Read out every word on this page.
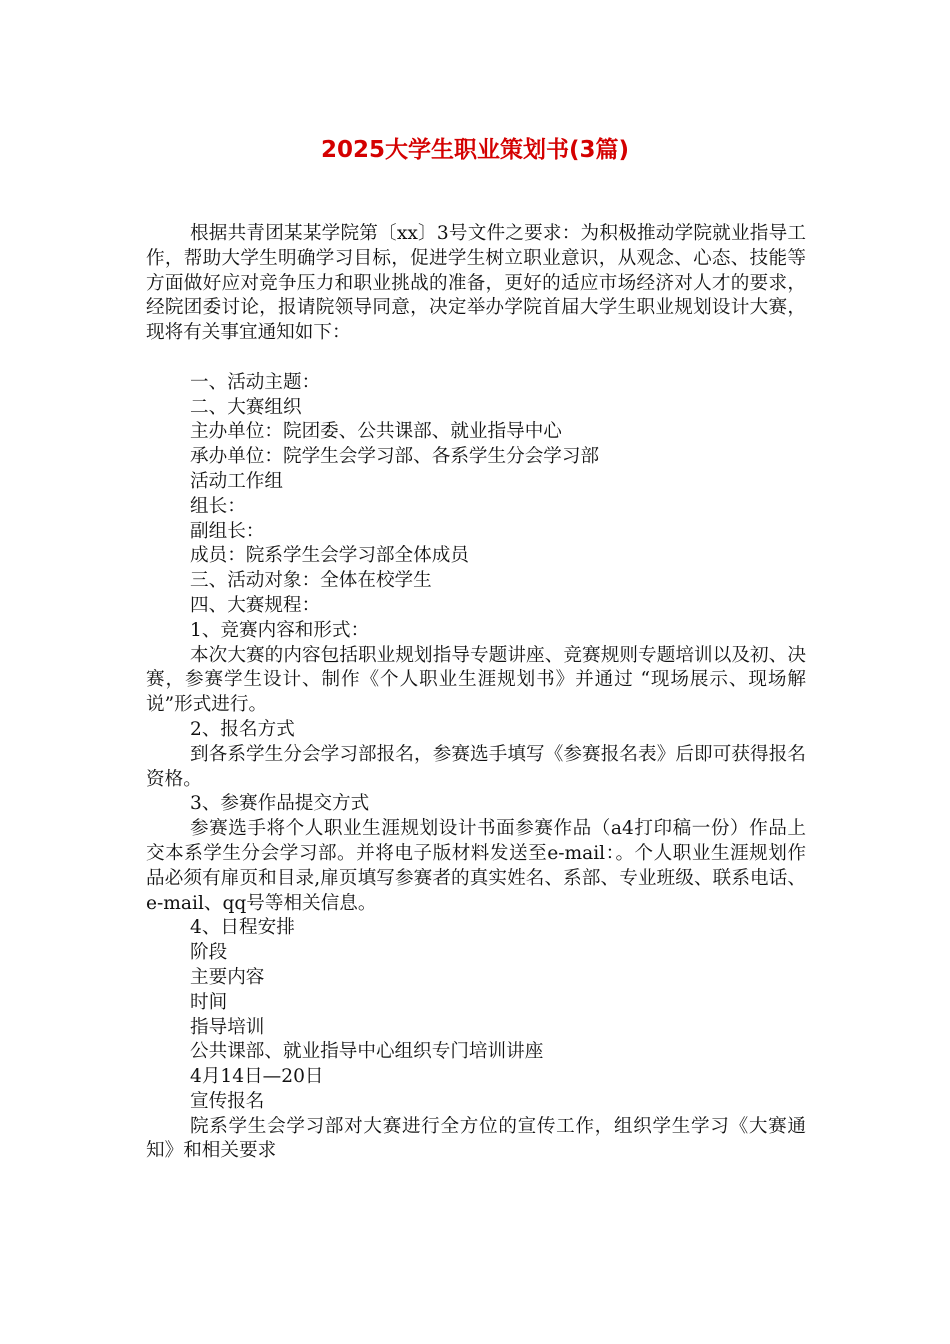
2025大学生职业策划书(3篇)

根据共青团某某学院第〔xx〕3号文件之要求：为积极推动学院就业指导工作，帮助大学生明确学习目标，促进学生树立职业意识，从观念、心态、技能等方面做好应对竞争压力和职业挑战的准备，更好的适应市场经济对人才的要求，经院团委讨论，报请院领导同意，决定举办学院首届大学生职业规划设计大赛，现将有关事宜通知如下：

一、活动主题：

二、大赛组织

主办单位：院团委、公共课部、就业指导中心

承办单位：院学生会学习部、各系学生分会学习部

活动工作组

组长：

副组长：

成员：院系学生会学习部全体成员

三、活动对象：全体在校学生

四、大赛规程：

1、竞赛内容和形式：

本次大赛的内容包括职业规划指导专题讲座、竞赛规则专题培训以及初、决赛，参赛学生设计、制作《个人职业生涯规划书》并通过 “现场展示、现场解说”形式进行。

2、报名方式

到各系学生分会学习部报名，参赛选手填写《参赛报名表》后即可获得报名资格。

3、参赛作品提交方式

参赛选手将个人职业生涯规划设计书面参赛作品（a4打印稿一份）作品上交本系学生分会学习部。并将电子版材料发送至e-mail：。个人职业生涯规划作品必须有扉页和目录,扉页填写参赛者的真实姓名、系部、专业班级、联系电话、e-mail、qq号等相关信息。

4、日程安排

阶段

主要内容

时间

指导培训

公共课部、就业指导中心组织专门培训讲座

4月14日—20日

宣传报名

院系学生会学习部对大赛进行全方位的宣传工作，组织学生学习《大赛通知》和相关要求
